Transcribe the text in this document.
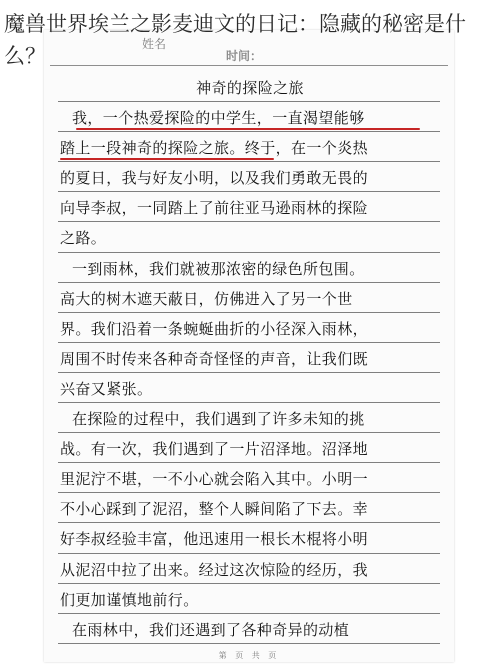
魔兽世界埃兰之影麦迪文的日记：隐藏的秘密是什么？	姓名
时间：
神奇的探险之旅
我，一个热爱探险的中学生，一直渴望能够
踏上一段神奇的探险之旅。终于，在一个炎热
的夏日，我与好友小明，以及我们勇敢无畏的
向导李叔，一同踏上了前往亚马逊雨林的探险
之路。
一到雨林，我们就被那浓密的绿色所包围。
高大的树木遮天蔽日，仿佛进入了另一个世
界。我们沿着一条蜿蜒曲折的小径深入雨林，
周围不时传来各种奇奇怪怪的声音，让我们既
兴奋又紧张。
在探险的过程中，我们遇到了许多未知的挑
战。有一次，我们遇到了一片沼泽地。沼泽地
里泥泞不堪，一不小心就会陷入其中。小明一
不小心踩到了泥沼，整个人瞬间陷了下去。幸
好李叔经验丰富，他迅速用一根长木棍将小明
从泥沼中拉了出来。经过这次惊险的经历，我
们更加谨慎地前行。
在雨林中，我们还遇到了各种奇异的动植
第 页 共 页
